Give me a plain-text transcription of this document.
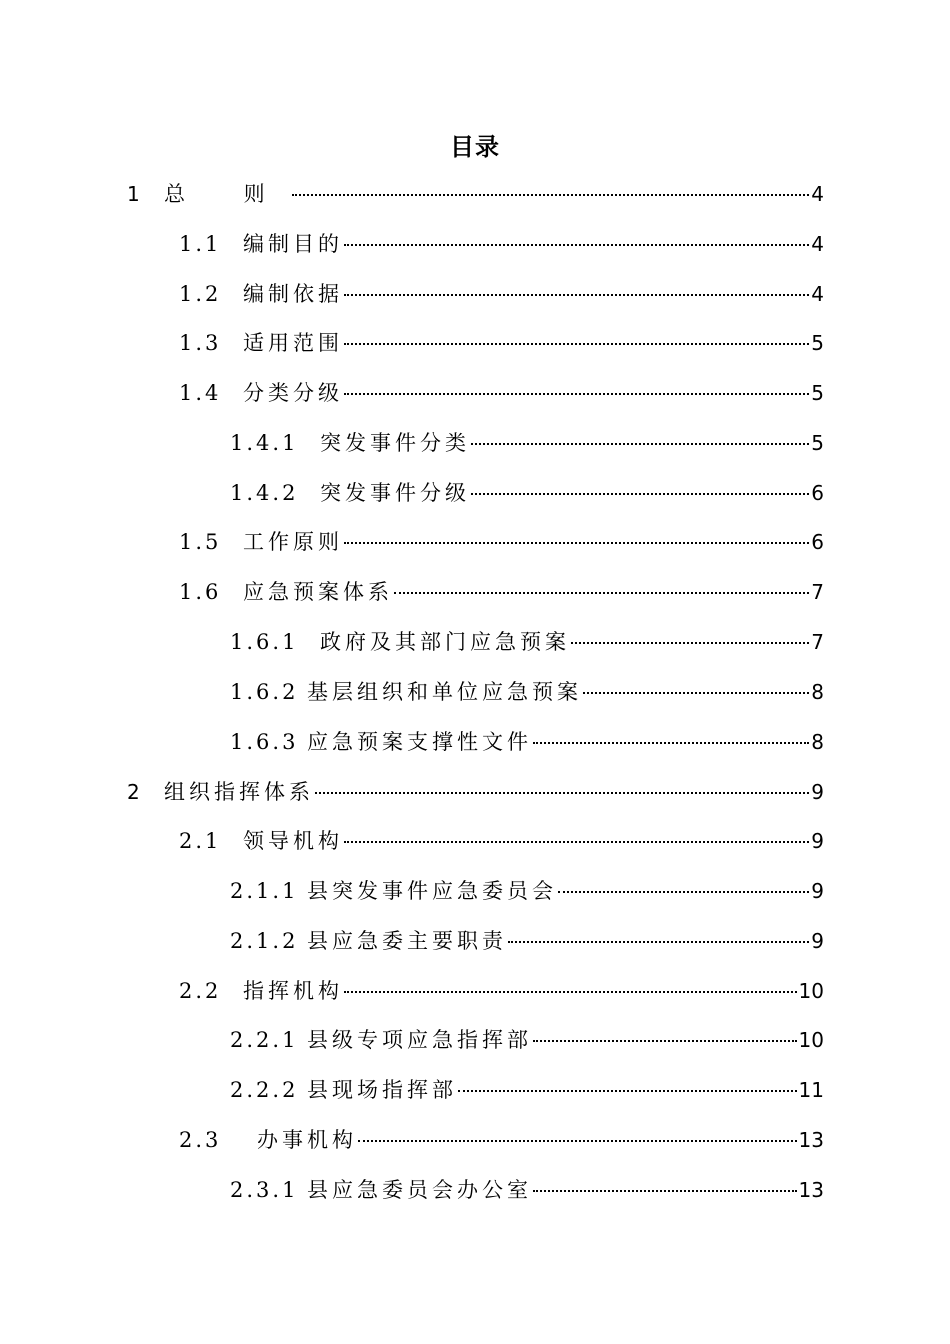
目录
1	总 则	4
1.1	编制目的	4
1.2	编制依据	4
1.3	适用范围	5
1.4	分类分级	5
1.4.1	突发事件分类	5
1.4.2	突发事件分级	6
1.5	工作原则	6
1.6	应急预案体系	7
1.6.1	政府及其部门应急预案	7
1.6.2 基层组织和单位应急预案	8
1.6.3 应急预案支撑性文件	8
2	组织指挥体系	9
2.1	领导机构	9
2.1.1 县突发事件应急委员会	9
2.1.2 县应急委主要职责	9
2.2	指挥机构	10
2.2.1 县级专项应急指挥部	10
2.2.2 县现场指挥部	11
2.3	办事机构	13
2.3.1 县应急委员会办公室	13
